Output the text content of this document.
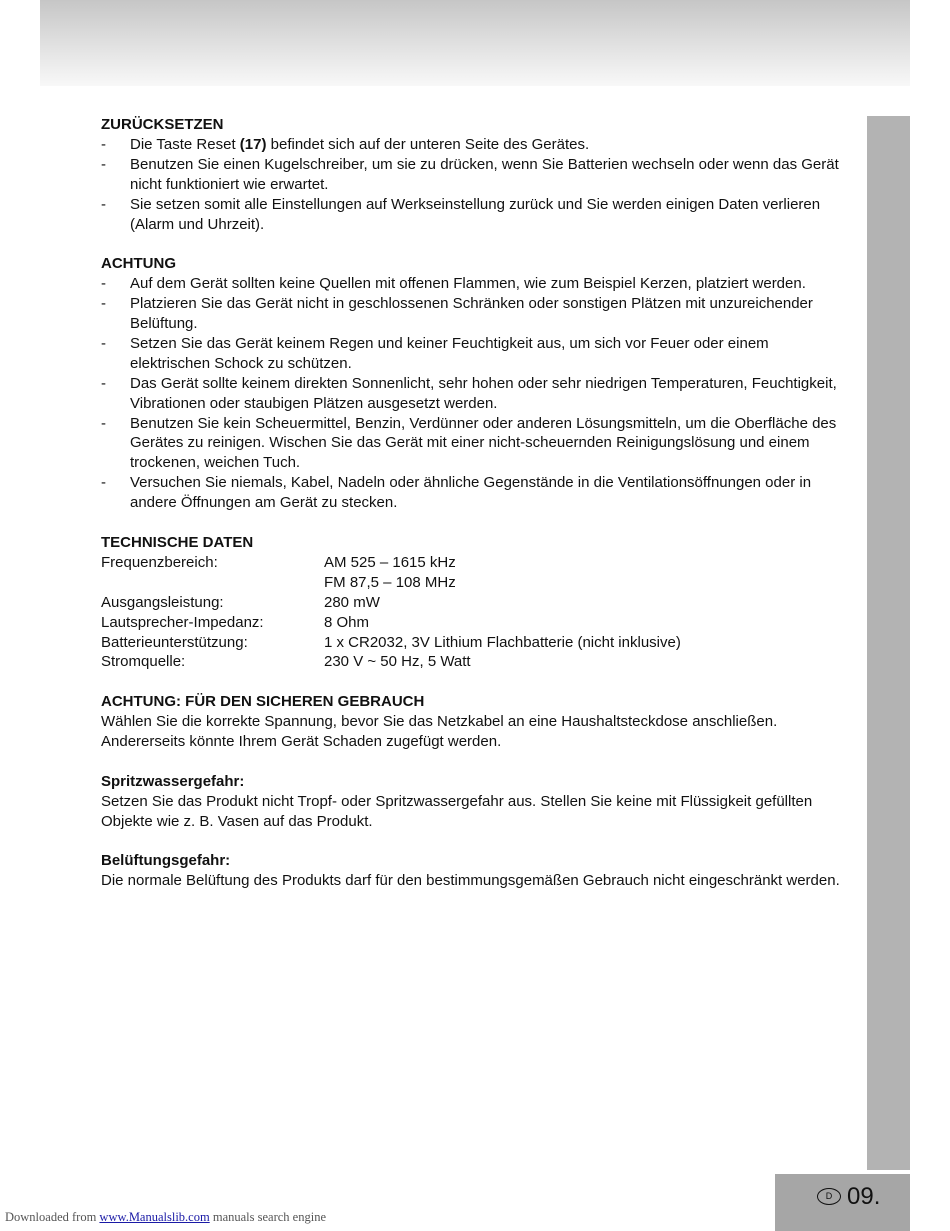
ZURÜCKSETZEN

- Die Taste Reset (17) befindet sich auf der unteren Seite des Gerätes.
- Benutzen Sie einen Kugelschreiber, um sie zu drücken, wenn Sie Batterien wechseln oder wenn das Gerät nicht funktioniert wie erwartet.
- Sie setzen somit alle Einstellungen auf Werkseinstellung zurück und Sie werden einigen Daten verlieren (Alarm und Uhrzeit).

ACHTUNG

- Auf dem Gerät sollten keine Quellen mit offenen Flammen, wie zum Beispiel Kerzen, platziert werden.
- Platzieren Sie das Gerät nicht in geschlossenen Schränken oder sonstigen Plätzen mit unzureichender Belüftung.
- Setzen Sie das Gerät keinem Regen und keiner Feuchtigkeit aus, um sich vor Feuer oder einem elektrischen Schock zu schützen.
- Das Gerät sollte keinem direkten Sonnenlicht, sehr hohen oder sehr niedrigen Temperaturen, Feuchtigkeit, Vibrationen oder staubigen Plätzen ausgesetzt werden.
- Benutzen Sie kein Scheuermittel, Benzin, Verdünner oder anderen Lösungsmitteln, um die Oberfläche des Gerätes zu reinigen. Wischen Sie das Gerät mit einer nicht-scheuernden Reinigungslösung und einem trockenen, weichen Tuch.
- Versuchen Sie niemals, Kabel, Nadeln oder ähnliche Gegenstände in die Ventilationsöffnungen oder in andere Öffnungen am Gerät zu stecken.

TECHNISCHE DATEN

Frequenzbereich:	AM 525 – 1615 kHz
FM 87,5 – 108 MHz
Ausgangsleistung:	280 mW
Lautsprecher-Impedanz:	8 Ohm
Batterieunterstützung:	1 x CR2032, 3V Lithium Flachbatterie (nicht inklusive)
Stromquelle:	230 V ~ 50 Hz, 5 Watt

ACHTUNG: FÜR DEN SICHEREN GEBRAUCH

Wählen Sie die korrekte Spannung, bevor Sie das Netzkabel an eine Haushaltsteckdose anschließen. Andererseits könnte Ihrem Gerät Schaden zugefügt werden.

Spritzwassergefahr:

Setzen Sie das Produkt nicht Tropf- oder Spritzwassergefahr aus. Stellen Sie keine mit Flüssigkeit gefüllten Objekte wie z. B. Vasen auf das Produkt.

Belüftungsgefahr:

Die normale Belüftung des Produkts darf für den bestimmungsgemäßen Gebrauch nicht eingeschränkt werden.

D 09.
Downloaded from www.Manualslib.com manuals search engine
